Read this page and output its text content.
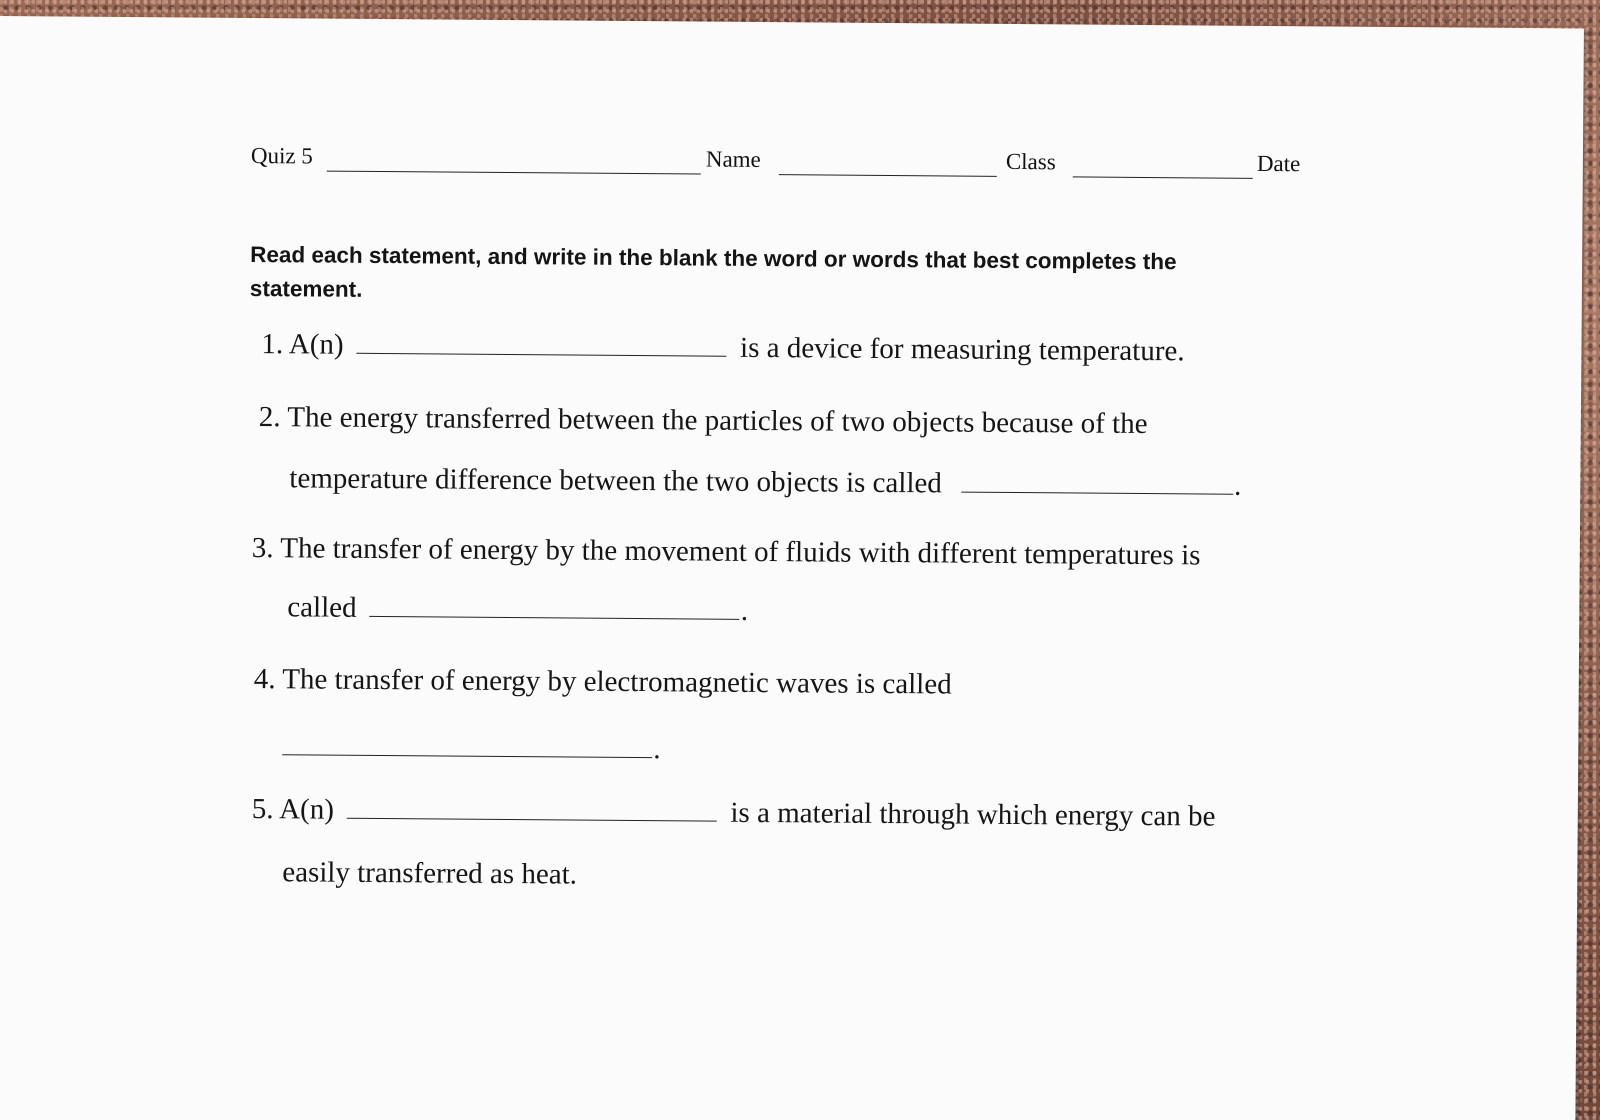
Quiz 5	Name	Class	Date
Read each statement, and write in the blank the word or words that best completes the statement.
1. A(n)	is a device for measuring temperature.
2. The energy transferred between the particles of two objects because of the
temperature difference between the two objects is called	.
3. The transfer of energy by the movement of fluids with different temperatures is
called	.
4. The transfer of energy by electromagnetic waves is called
.
5. A(n)	is a material through which energy can be
easily transferred as heat.
